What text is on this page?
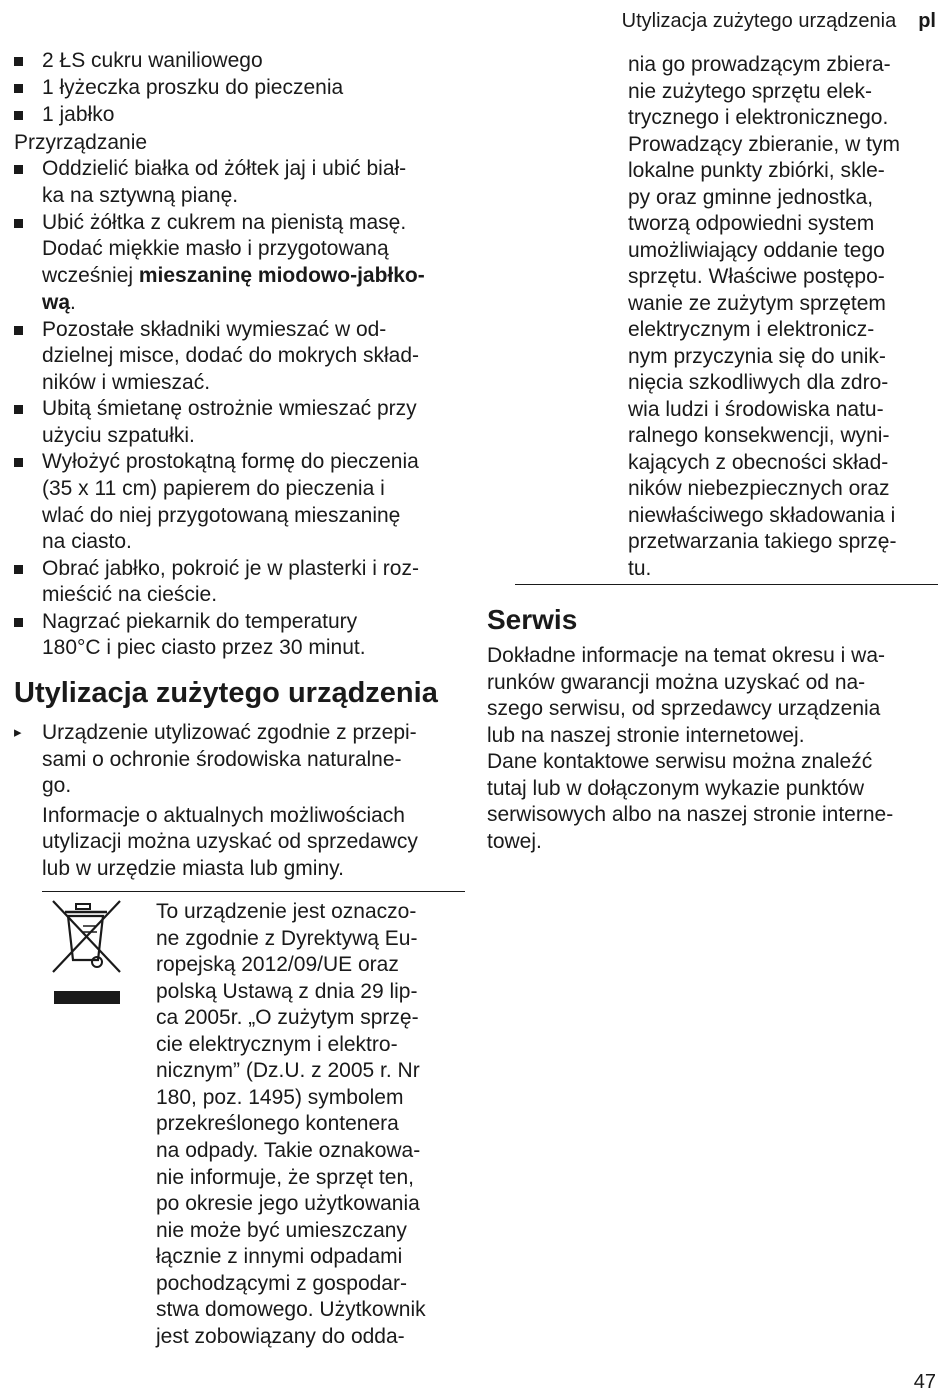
Utylizacja zużytego urządzenia pl
2 ŁS cukru waniliowego
1 łyżeczka proszku do pieczenia
1 jabłko
Przyrządzanie
Oddzielić białka od żółtek jaj i ubić biał-
ka na sztywną pianę.
Ubić żółtka z cukrem na pienistą masę.
Dodać miękkie masło i przygotowaną
wcześniej mieszaninę miodowo-jabłko-
wą.
Pozostałe składniki wymieszać w od-
dzielnej misce, dodać do mokrych skład-
ników i wmieszać.
Ubitą śmietanę ostrożnie wmieszać przy
użyciu szpatułki.
Wyłożyć prostokątną formę do pieczenia
(35 x 11 cm) papierem do pieczenia i
wlać do niej przygotowaną mieszaninę
na ciasto.
Obrać jabłko, pokroić je w plasterki i roz-
mieścić na cieście.
Nagrzać piekarnik do temperatury
180°C i piec ciasto przez 30 minut.
Utylizacja zużytego urządzenia
▸ Urządzenie utylizować zgodnie z przepi-
sami o ochronie środowiska naturalne-
go.
Informacje o aktualnych możliwościach
utylizacji można uzyskać od sprzedawcy
lub w urzędzie miasta lub gminy.
To urządzenie jest oznaczo-
ne zgodnie z Dyrektywą Eu-
ropejską 2012/09/UE oraz
polską Ustawą z dnia 29 lip-
ca 2005r. „O zużytym sprzę-
cie elektrycznym i elektro-
nicznym” (Dz.U. z 2005 r. Nr
180, poz. 1495) symbolem
przekreślonego kontenera
na odpady. Takie oznakowa-
nie informuje, że sprzęt ten,
po okresie jego użytkowania
nie może być umieszczany
łącznie z innymi odpadami
pochodzącymi z gospodar-
stwa domowego. Użytkownik
jest zobowiązany do odda-
nia go prowadzącym zbiera-
nie zużytego sprzętu elek-
trycznego i elektronicznego.
Prowadzący zbieranie, w tym
lokalne punkty zbiórki, skle-
py oraz gminne jednostka,
tworzą odpowiedni system
umożliwiający oddanie tego
sprzętu. Właściwe postępo-
wanie ze zużytym sprzętem
elektrycznym i elektronicz-
nym przyczynia się do unik-
nięcia szkodliwych dla zdro-
wia ludzi i środowiska natu-
ralnego konsekwencji, wyni-
kających z obecności skład-
ników niebezpiecznych oraz
niewłaściwego składowania i
przetwarzania takiego sprzę-
tu.
Serwis
Dokładne informacje na temat okresu i wa-
runków gwarancji można uzyskać od na-
szego serwisu, od sprzedawcy urządzenia
lub na naszej stronie internetowej.
Dane kontaktowe serwisu można znaleźć
tutaj lub w dołączonym wykazie punktów
serwisowych albo na naszej stronie interne-
towej.
47
